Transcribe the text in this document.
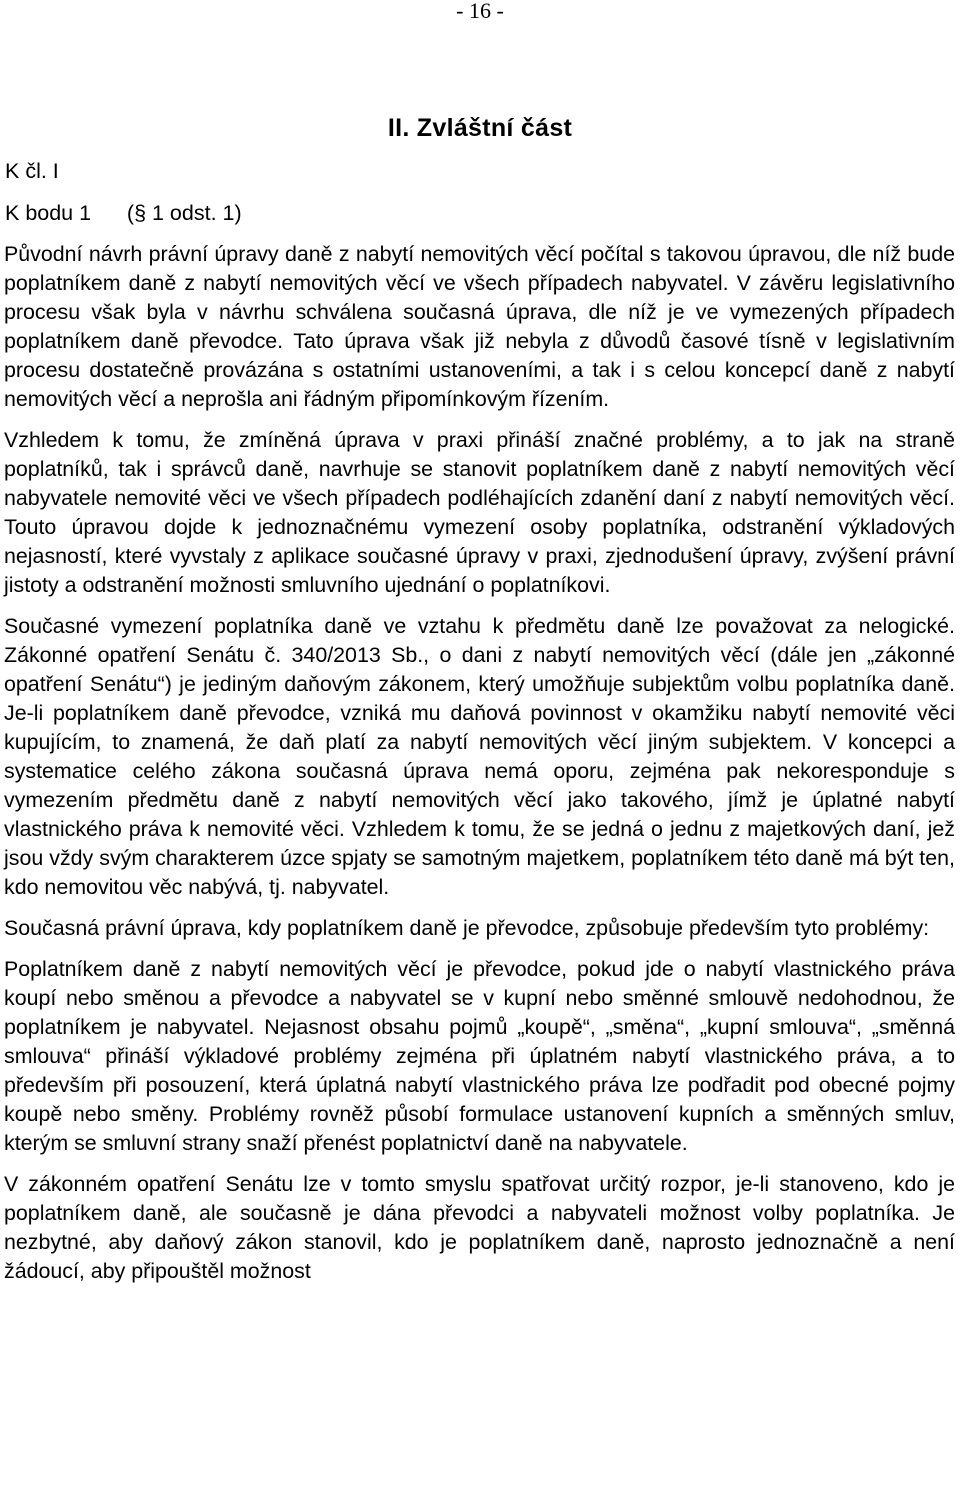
- 16 -
II. Zvláštní část
K čl. I
K bodu 1      (§ 1 odst. 1)

Původní návrh právní úpravy daně z nabytí nemovitých věcí počítal s takovou úpravou, dle níž bude poplatníkem daně z nabytí nemovitých věcí ve všech případech nabyvatel. V závěru legislativního procesu však byla v návrhu schválena současná úprava, dle níž je ve vymezených případech poplatníkem daně převodce. Tato úprava však již nebyla z důvodů časové tísně v legislativním procesu dostatečně provázána s ostatními ustanoveními, a tak i s celou koncepcí daně z nabytí nemovitých věcí a neprošla ani řádným připomínkovým řízením.

Vzhledem k tomu, že zmíněná úprava v praxi přináší značné problémy, a to jak na straně poplatníků, tak i správců daně, navrhuje se stanovit poplatníkem daně z nabytí nemovitých věcí nabyvatele nemovité věci ve všech případech podléhajících zdanění daní z nabytí nemovitých věcí. Touto úpravou dojde k jednoznačnému vymezení osoby poplatníka, odstranění výkladových nejasností, které vyvstaly z aplikace současné úpravy v praxi, zjednodušení úpravy, zvýšení právní jistoty a odstranění možnosti smluvního ujednání o poplatníkovi.

Současné vymezení poplatníka daně ve vztahu k předmětu daně lze považovat za nelogické. Zákonné opatření Senátu č. 340/2013 Sb., o dani z nabytí nemovitých věcí (dále jen „zákonné opatření Senátu“) je jediným daňovým zákonem, který umožňuje subjektům volbu poplatníka daně. Je-li poplatníkem daně převodce, vzniká mu daňová povinnost v okamžiku nabytí nemovité věci kupujícím, to znamená, že daň platí za nabytí nemovitých věcí jiným subjektem. V koncepci a systematice celého zákona současná úprava nemá oporu, zejména pak nekoresponduje s vymezením předmětu daně z nabytí nemovitých věcí jako takového, jímž je úplatné nabytí vlastnického práva k nemovité věci. Vzhledem k tomu, že se jedná o jednu z majetkových daní, jež jsou vždy svým charakterem úzce spjaty se samotným majetkem, poplatníkem této daně má být ten, kdo nemovitou věc nabývá, tj. nabyvatel.

Současná právní úprava, kdy poplatníkem daně je převodce, způsobuje především tyto problémy:

Poplatníkem daně z nabytí nemovitých věcí je převodce, pokud jde o nabytí vlastnického práva koupí nebo směnou a převodce a nabyvatel se v kupní nebo směnné smlouvě nedohodnou, že poplatníkem je nabyvatel. Nejasnost obsahu pojmů „koupě“, „směna“, „kupní smlouva“, „směnná smlouva“ přináší výkladové problémy zejména při úplatném nabytí vlastnického práva, a to především při posouzení, která úplatná nabytí vlastnického práva lze podřadit pod obecné pojmy koupě nebo směny. Problémy rovněž působí formulace ustanovení kupních a směnných smluv, kterým se smluvní strany snaží přenést poplatnictví daně na nabyvatele.

V zákonném opatření Senátu lze v tomto smyslu spatřovat určitý rozpor, je-li stanoveno, kdo je poplatníkem daně, ale současně je dána převodci a nabyvateli možnost volby poplatníka. Je nezbytné, aby daňový zákon stanovil, kdo je poplatníkem daně, naprosto jednoznačně a není žádoucí, aby připouštěl možnost
